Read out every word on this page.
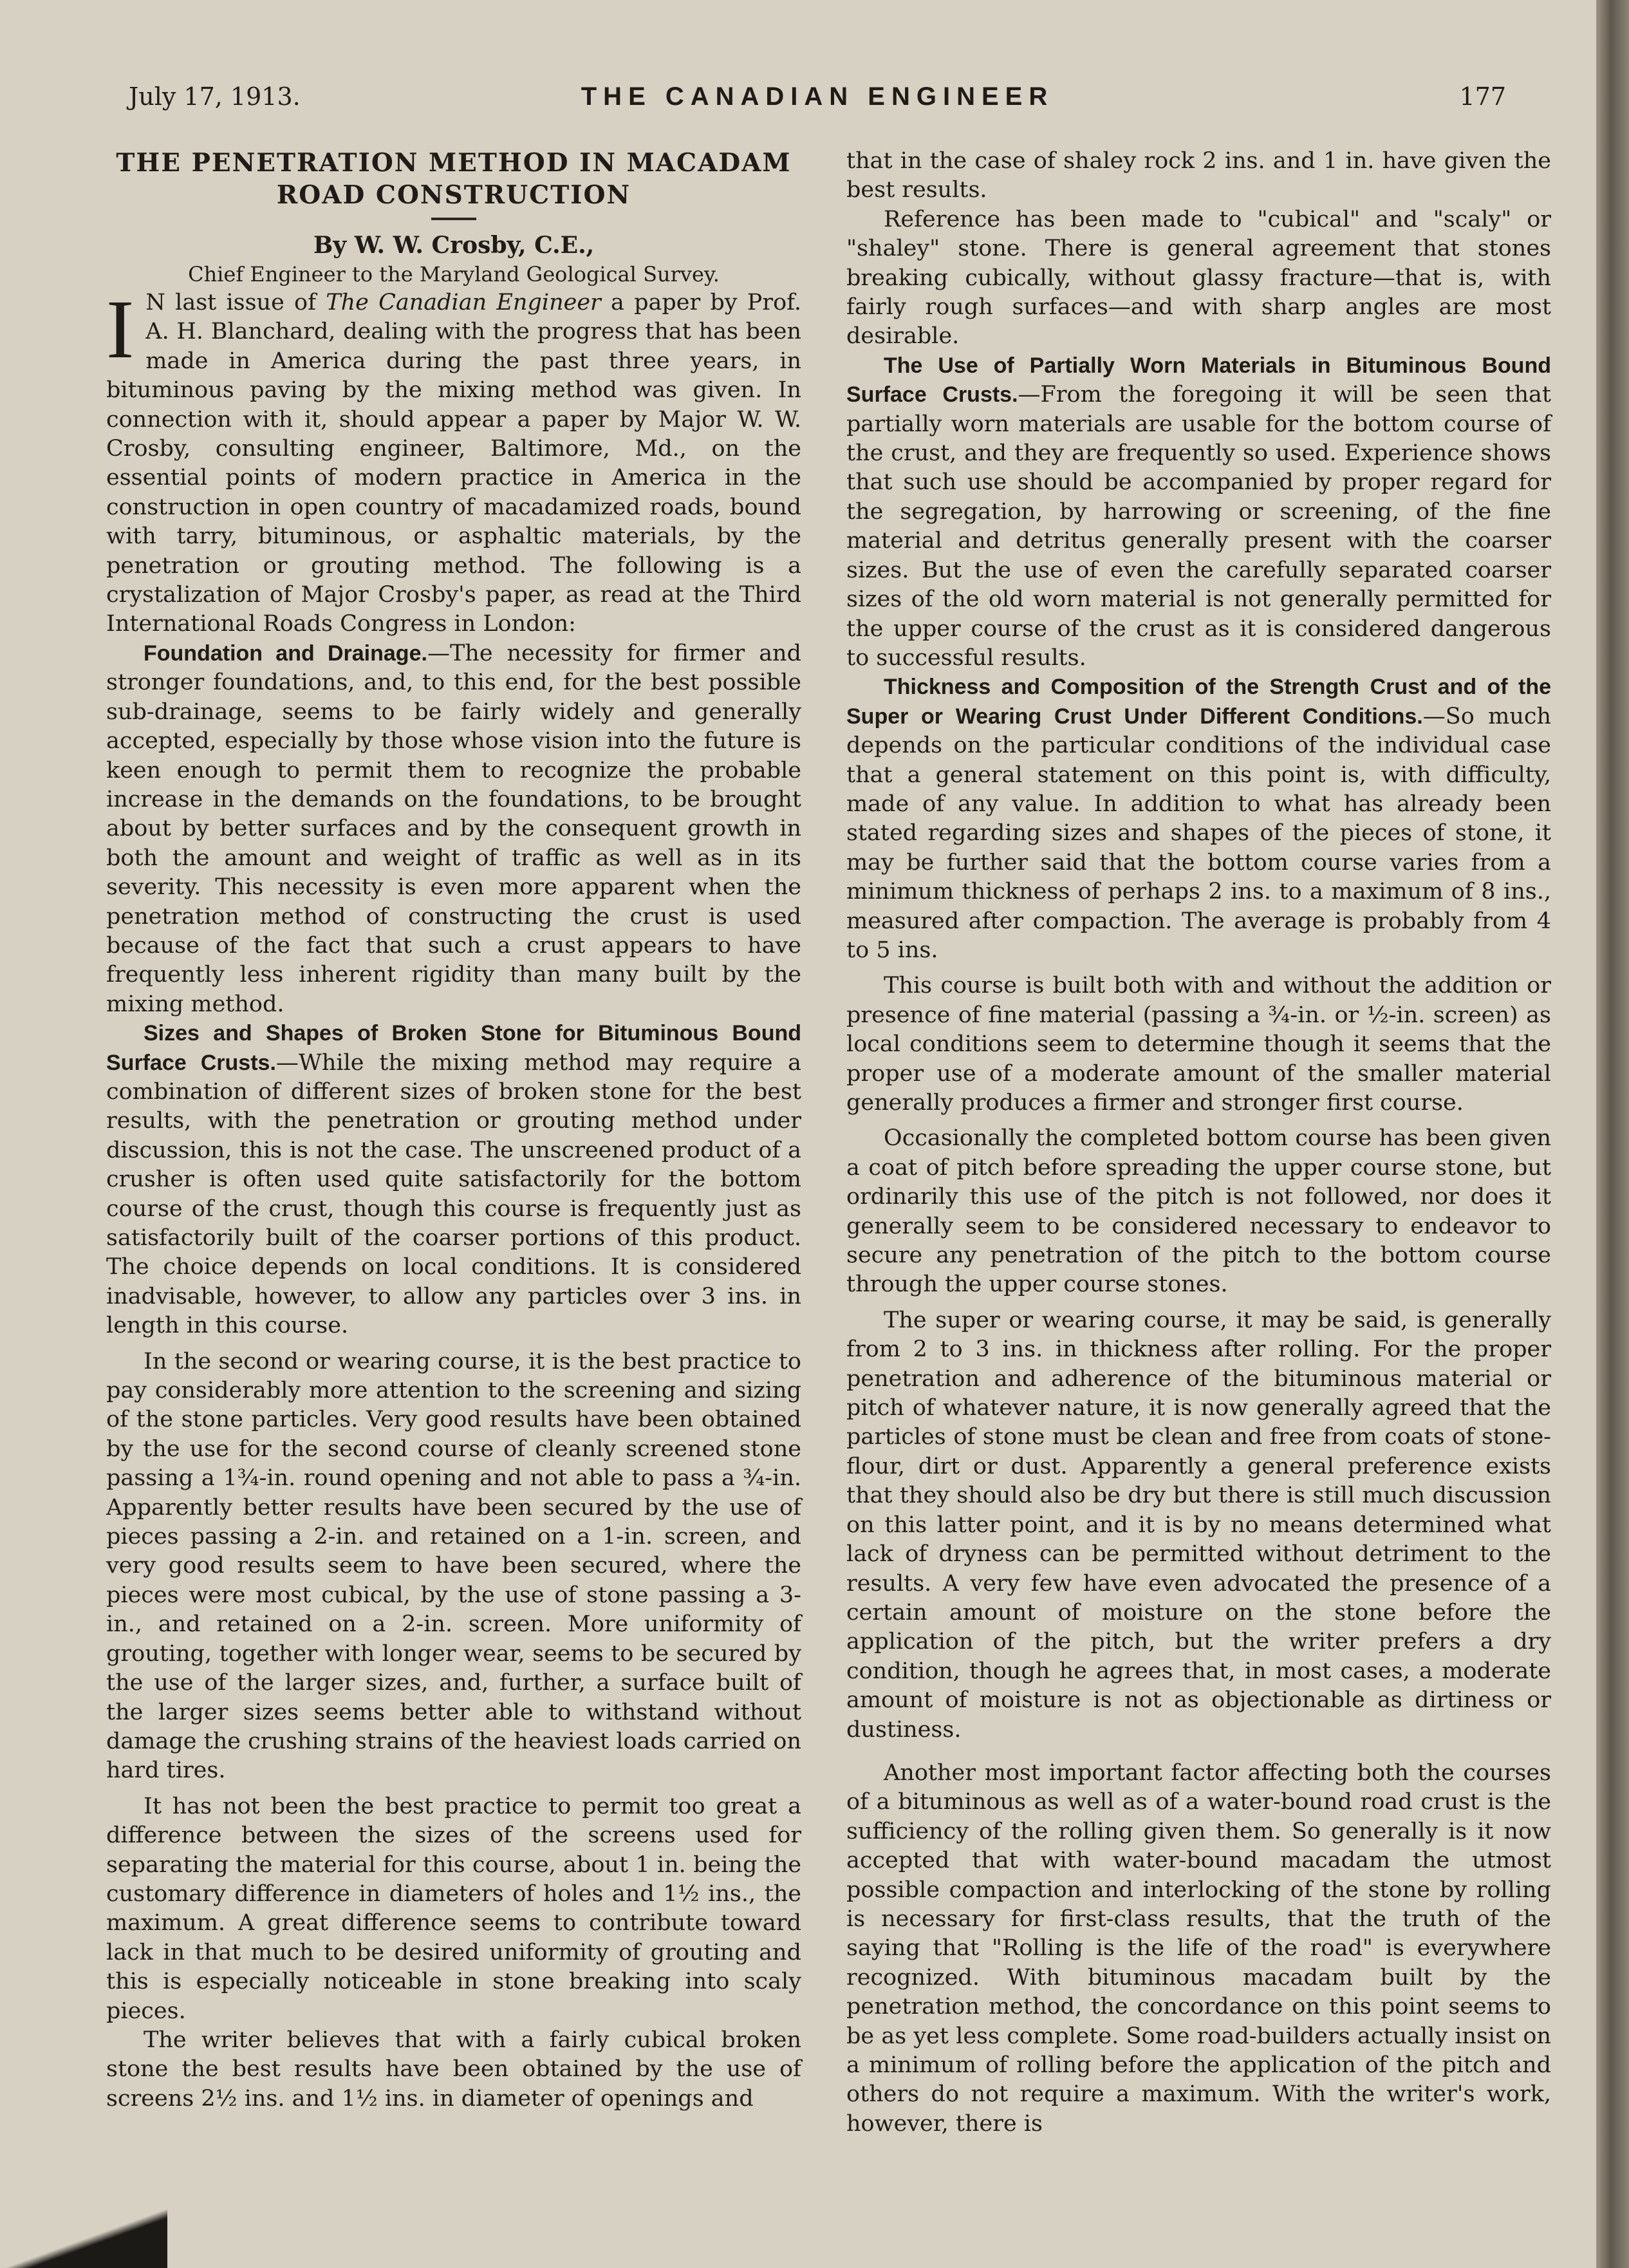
July 17, 1913.	THE CANADIAN ENGINEER	177

THE PENETRATION METHOD IN MACADAM

ROAD CONSTRUCTION

By W. W. Crosby, C.E.,

Chief Engineer to the Maryland Geological Survey.

I N last issue of The Canadian Engineer a paper by Prof. A. H. Blanchard, dealing with the progress that has been made in America during the past three years, in bituminous paving by the mixing method was given. In connection with it, should appear a paper by Major W. W. Crosby, consulting engineer, Baltimore, Md., on the essential points of modern practice in America in the construction in open country of macadamized roads, bound with tarry, bituminous, or asphaltic materials, by the penetration or grouting method. The following is a crystalization of Major Crosby's paper, as read at the Third International Roads Congress in London:

Foundation and Drainage.—The necessity for firmer and stronger foundations, and, to this end, for the best possible sub-drainage, seems to be fairly widely and generally accepted, especially by those whose vision into the future is keen enough to permit them to recognize the probable increase in the demands on the foundations, to be brought about by better surfaces and by the consequent growth in both the amount and weight of traffic as well as in its severity. This necessity is even more apparent when the penetration method of constructing the crust is used because of the fact that such a crust appears to have frequently less inherent rigidity than many built by the mixing method.

Sizes and Shapes of Broken Stone for Bituminous Bound Surface Crusts.—While the mixing method may require a combination of different sizes of broken stone for the best results, with the penetration or grouting method under discussion, this is not the case. The unscreened product of a crusher is often used quite satisfactorily for the bottom course of the crust, though this course is frequently just as satisfactorily built of the coarser portions of this product. The choice depends on local conditions. It is considered inadvisable, however, to allow any particles over 3 ins. in length in this course.

In the second or wearing course, it is the best practice to pay considerably more attention to the screening and sizing of the stone particles. Very good results have been obtained by the use for the second course of cleanly screened stone passing a 1¾-in. round opening and not able to pass a ¾-in. Apparently better results have been secured by the use of pieces passing a 2-in. and retained on a 1-in. screen, and very good results seem to have been secured, where the pieces were most cubical, by the use of stone passing a 3-in., and retained on a 2-in. screen. More uniformity of grouting, together with longer wear, seems to be secured by the use of the larger sizes, and, further, a surface built of the larger sizes seems better able to withstand without damage the crushing strains of the heaviest loads carried on hard tires.

It has not been the best practice to permit too great a difference between the sizes of the screens used for separating the material for this course, about 1 in. being the customary difference in diameters of holes and 1½ ins., the maximum. A great difference seems to contribute toward lack in that much to be desired uniformity of grouting and this is especially noticeable in stone breaking into scaly pieces.

The writer believes that with a fairly cubical broken stone the best results have been obtained by the use of screens 2½ ins. and 1½ ins. in diameter of openings and

that in the case of shaley rock 2 ins. and 1 in. have given the best results.

Reference has been made to "cubical" and "scaly" or "shaley" stone. There is general agreement that stones breaking cubically, without glassy fracture—that is, with fairly rough surfaces—and with sharp angles are most desirable.

The Use of Partially Worn Materials in Bituminous Bound Surface Crusts.—From the foregoing it will be seen that partially worn materials are usable for the bottom course of the crust, and they are frequently so used. Experience shows that such use should be accompanied by proper regard for the segregation, by harrowing or screening, of the fine material and detritus generally present with the coarser sizes. But the use of even the carefully separated coarser sizes of the old worn material is not generally permitted for the upper course of the crust as it is considered dangerous to successful results.

Thickness and Composition of the Strength Crust and of the Super or Wearing Crust Under Different Conditions.—So much depends on the particular conditions of the individual case that a general statement on this point is, with difficulty, made of any value. In addition to what has already been stated regarding sizes and shapes of the pieces of stone, it may be further said that the bottom course varies from a minimum thickness of perhaps 2 ins. to a maximum of 8 ins., measured after compaction. The average is probably from 4 to 5 ins.

This course is built both with and without the addition or presence of fine material (passing a ¾-in. or ½-in. screen) as local conditions seem to determine though it seems that the proper use of a moderate amount of the smaller material generally produces a firmer and stronger first course.

Occasionally the completed bottom course has been given a coat of pitch before spreading the upper course stone, but ordinarily this use of the pitch is not followed, nor does it generally seem to be considered necessary to endeavor to secure any penetration of the pitch to the bottom course through the upper course stones.

The super or wearing course, it may be said, is generally from 2 to 3 ins. in thickness after rolling. For the proper penetration and adherence of the bituminous material or pitch of whatever nature, it is now generally agreed that the particles of stone must be clean and free from coats of stone-flour, dirt or dust. Apparently a general preference exists that they should also be dry but there is still much discussion on this latter point, and it is by no means determined what lack of dryness can be permitted without detriment to the results. A very few have even advocated the presence of a certain amount of moisture on the stone before the application of the pitch, but the writer prefers a dry condition, though he agrees that, in most cases, a moderate amount of moisture is not as objectionable as dirtiness or dustiness.

Another most important factor affecting both the courses of a bituminous as well as of a water-bound road crust is the sufficiency of the rolling given them. So generally is it now accepted that with water-bound macadam the utmost possible compaction and interlocking of the stone by rolling is necessary for first-class results, that the truth of the saying that "Rolling is the life of the road" is everywhere recognized. With bituminous macadam built by the penetration method, the concordance on this point seems to be as yet less complete. Some road-builders actually insist on a minimum of rolling before the application of the pitch and others do not require a maximum. With the writer's work, however, there is
